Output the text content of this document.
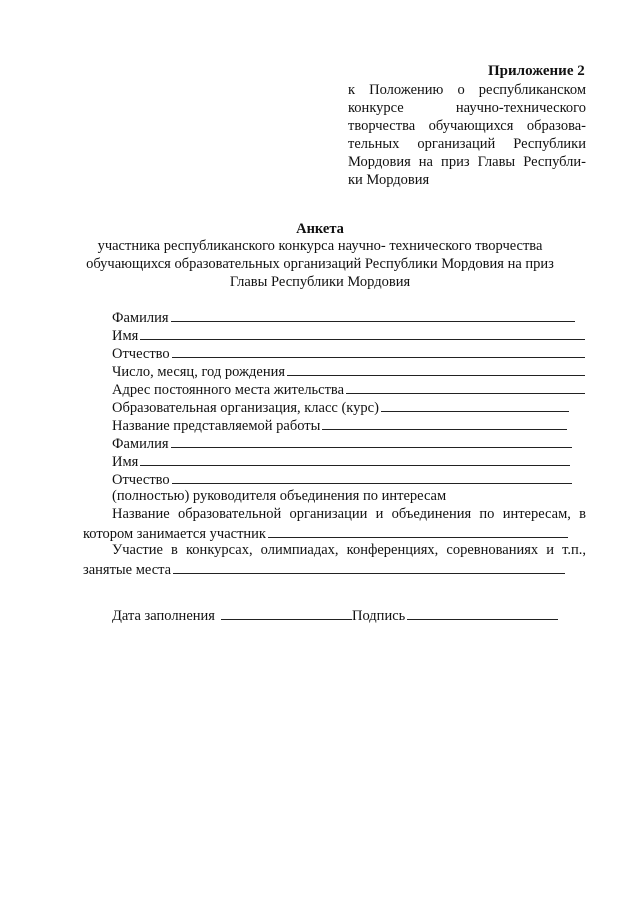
Приложение 2
к Положению о республиканском
конкурсе научно-технического
творчества обучающихся образова-
тельных организаций Республики
Мордовия на приз Главы Республи-
ки Мордовия
Анкета
участника республиканского конкурса научно- технического творчества
обучающихся образовательных организаций Республики Мордовия на приз
Главы Республики Мордовия
Фамилия
Имя
Отчество
Число, месяц, год рождения
Адрес постоянного места жительства
Образовательная организация, класс (курс)
Название представляемой работы
Фамилия
Имя
Отчество
(полностью) руководителя объединения по интересам
Название образовательной организации и объединения по интересам, в
котором занимается участник
Участие в конкурсах, олимпиадах, конференциях, соревнованиях и т.п.,
занятые места
Дата заполнения	Подпись
